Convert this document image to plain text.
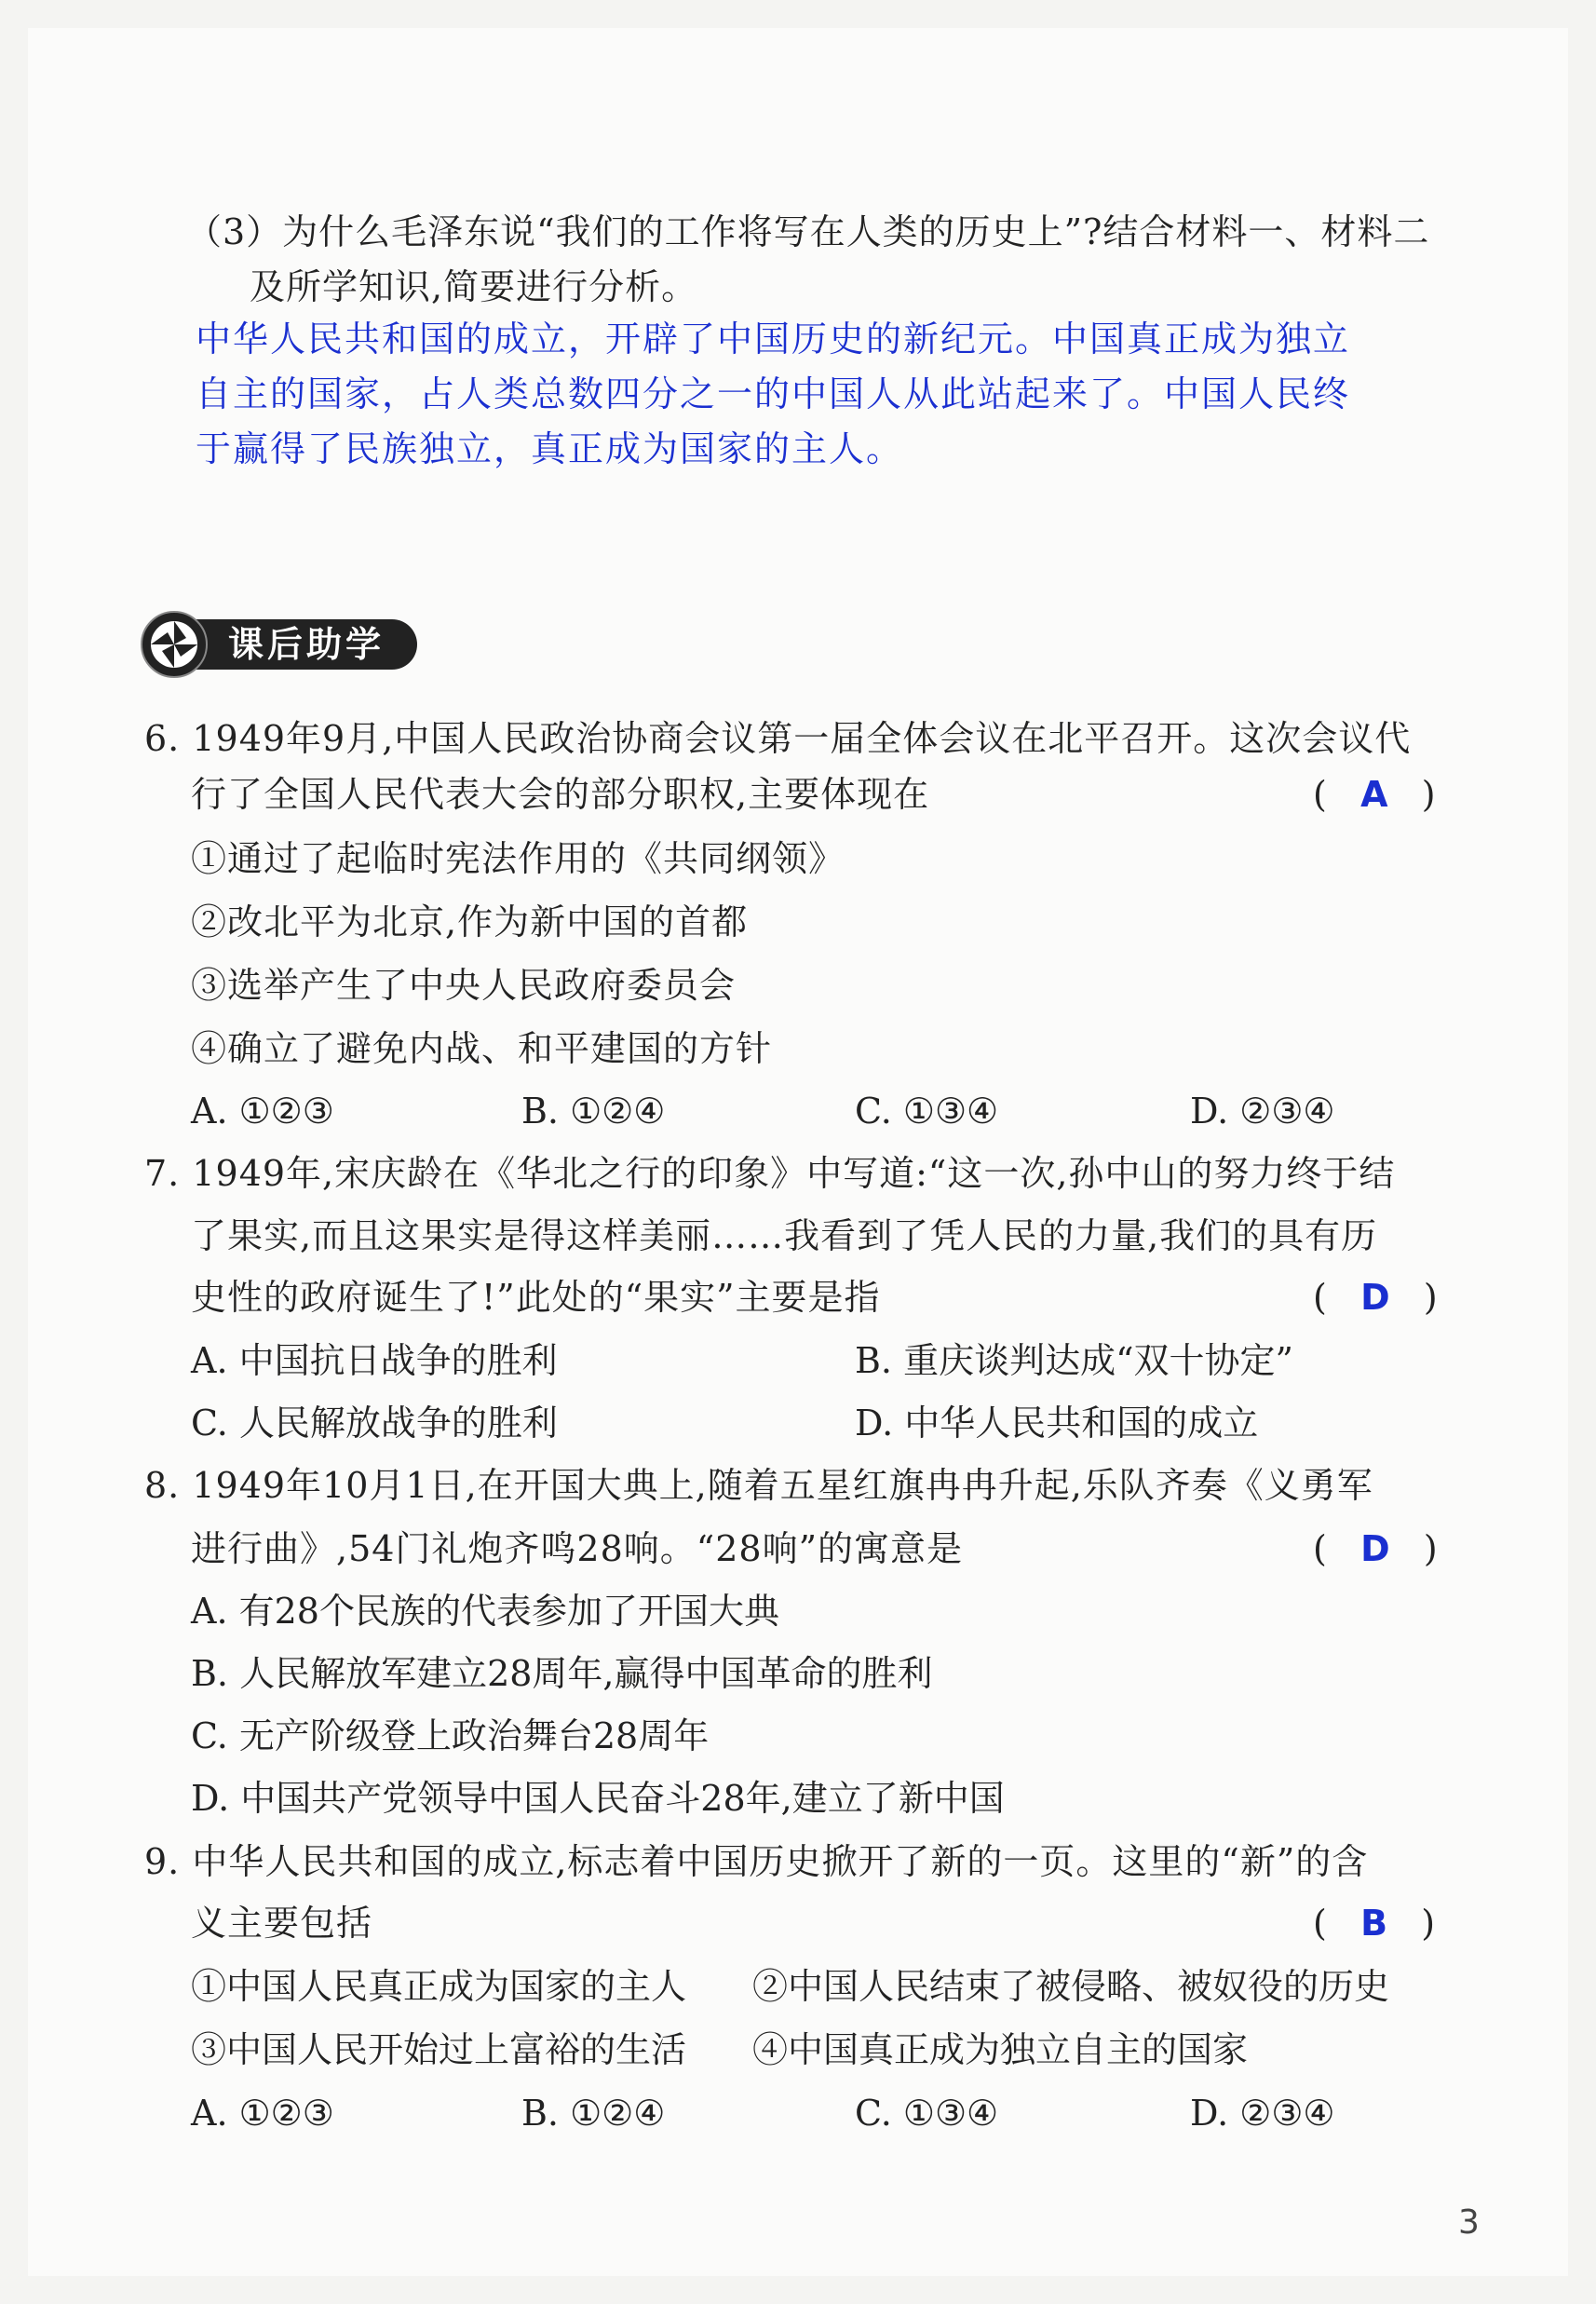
（3）为什么毛泽东说“我们的工作将写在人类的历史上”?结合材料一、材料二
及所学知识,简要进行分析。
中华人民共和国的成立，开辟了中国历史的新纪元。中国真正成为独立
自主的国家，占人类总数四分之一的中国人从此站起来了。中国人民终
于赢得了民族独立，真正成为国家的主人。
课后助学
6. 1949年9月,中国人民政治协商会议第一届全体会议在北平召开。这次会议代
行了全国人民代表大会的部分职权,主要体现在	(   A   )
①通过了起临时宪法作用的《共同纲领》
②改北平为北京,作为新中国的首都
③选举产生了中央人民政府委员会
④确立了避免内战、和平建国的方针
A. ①②③	B. ①②④	C. ①③④	D. ②③④
7. 1949年,宋庆龄在《华北之行的印象》中写道:“这一次,孙中山的努力终于结
了果实,而且这果实是得这样美丽……我看到了凭人民的力量,我们的具有历
史性的政府诞生了!”此处的“果实”主要是指	(   D   )
A. 中国抗日战争的胜利	B. 重庆谈判达成“双十协定”
C. 人民解放战争的胜利	D. 中华人民共和国的成立
8. 1949年10月1日,在开国大典上,随着五星红旗冉冉升起,乐队齐奏《义勇军
进行曲》,54门礼炮齐鸣28响。“28响”的寓意是	(   D   )
A. 有28个民族的代表参加了开国大典
B. 人民解放军建立28周年,赢得中国革命的胜利
C. 无产阶级登上政治舞台28周年
D. 中国共产党领导中国人民奋斗28年,建立了新中国
9. 中华人民共和国的成立,标志着中国历史掀开了新的一页。这里的“新”的含
义主要包括	(   B   )
①中国人民真正成为国家的主人 ②中国人民结束了被侵略、被奴役的历史
③中国人民开始过上富裕的生活 ④中国真正成为独立自主的国家
A. ①②③	B. ①②④	C. ①③④	D. ②③④
3
